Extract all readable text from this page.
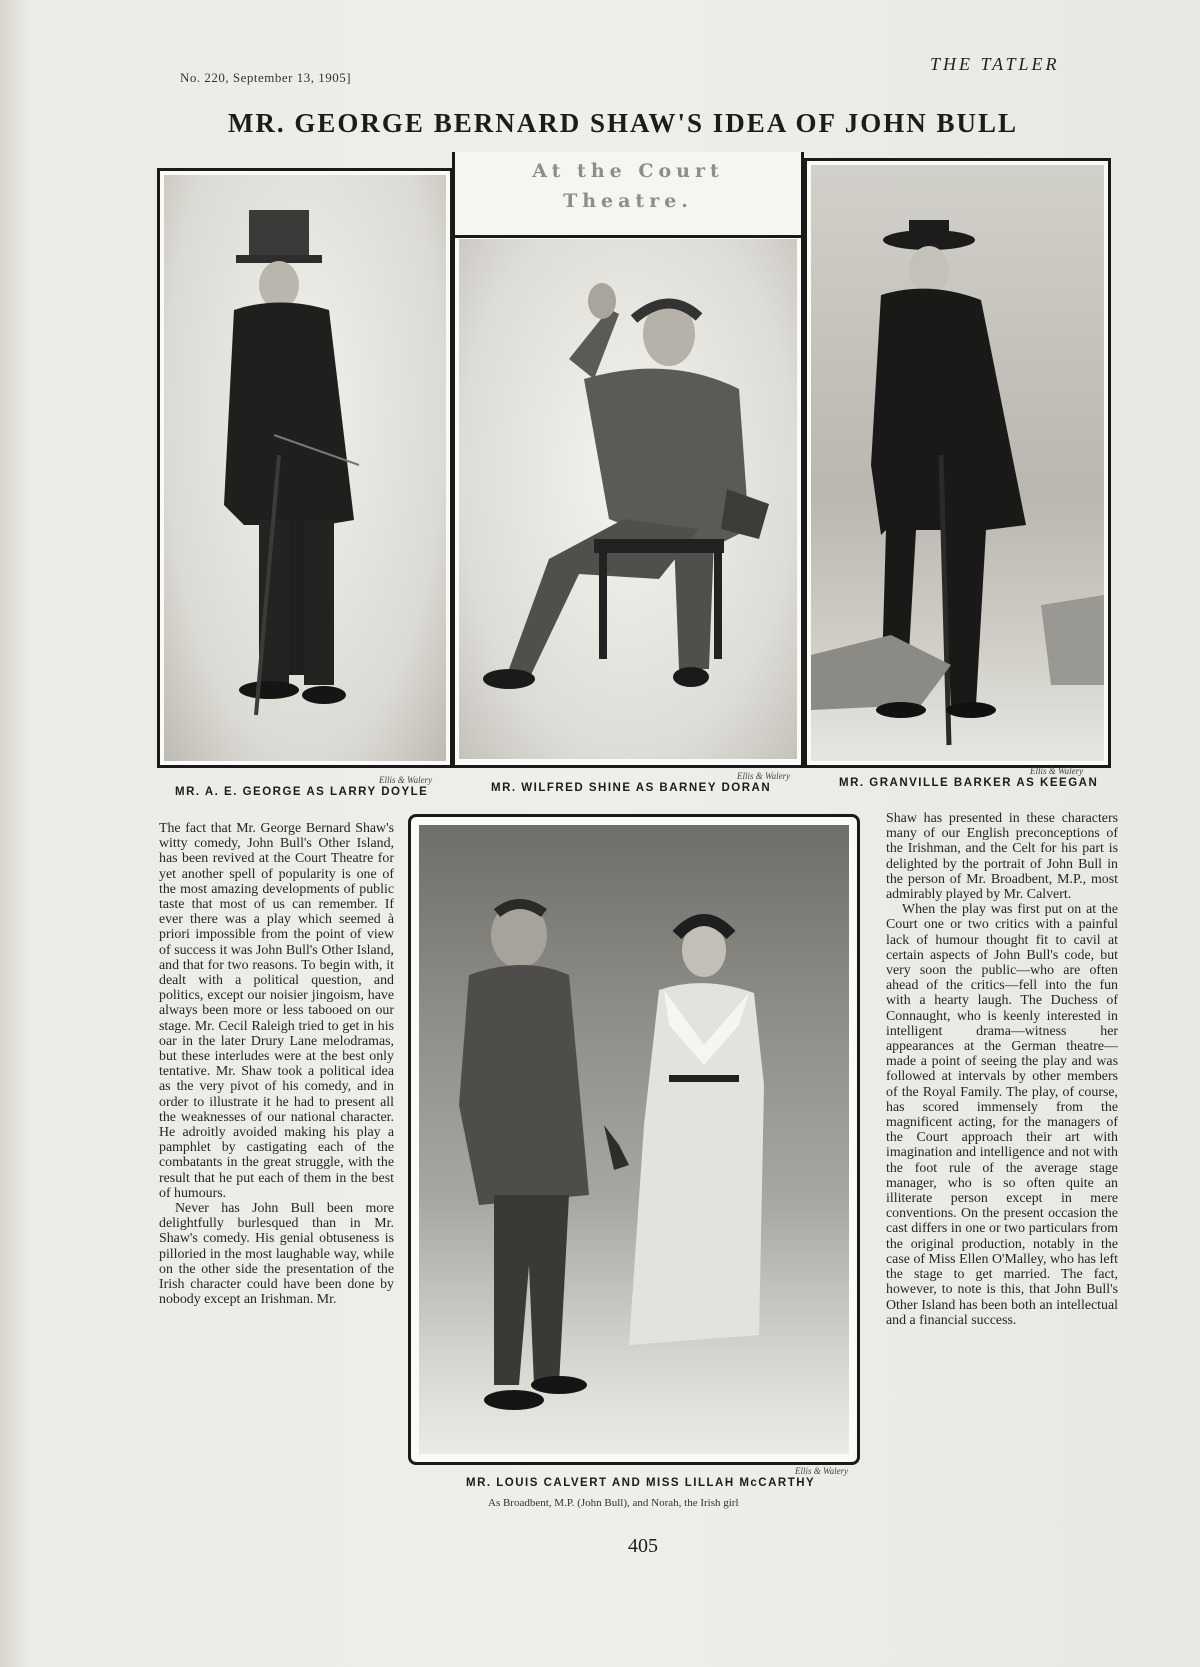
No. 220, September 13, 1905]
THE TATLER
MR. GEORGE BERNARD SHAW'S IDEA OF JOHN BULL
At the Court
Theatre.
Ellis & Walery
MR. A. E. GEORGE AS LARRY DOYLE
Ellis & Walery
MR. WILFRED SHINE AS BARNEY DORAN
Ellis & Walery
MR. GRANVILLE BARKER AS KEEGAN
Ellis & Walery
MR. LOUIS CALVERT AND MISS LILLAH McCARTHY
As Broadbent, M.P. (John Bull), and Norah, the Irish girl

The fact that Mr. George Bernard Shaw's witty comedy, John Bull's Other Island, has been revived at the Court Theatre for yet another spell of popularity is one of the most amazing developments of public taste that most of us can remember. If ever there was a play which seemed à priori impossible from the point of view of success it was John Bull's Other Island, and that for two reasons. To begin with, it dealt with a political question, and politics, except our noisier jingoism, have always been more or less tabooed on our stage. Mr. Cecil Raleigh tried to get in his oar in the later Drury Lane melodramas, but these interludes were at the best only tentative. Mr. Shaw took a political idea as the very pivot of his comedy, and in order to illustrate it he had to present all the weaknesses of our national character. He adroitly avoided making his play a pamphlet by castigating each of the combatants in the great struggle, with the result that he put each of them in the best of humours.

Never has John Bull been more delightfully burlesqued than in Mr. Shaw's comedy. His genial obtuseness is pilloried in the most laughable way, while on the other side the presentation of the Irish character could have been done by nobody except an Irishman. Mr.

Shaw has presented in these characters many of our English preconceptions of the Irishman, and the Celt for his part is delighted by the portrait of John Bull in the person of Mr. Broadbent, M.P., most admirably played by Mr. Calvert.

When the play was first put on at the Court one or two critics with a painful lack of humour thought fit to cavil at certain aspects of John Bull's code, but very soon the public—who are often ahead of the critics—fell into the fun with a hearty laugh. The Duchess of Connaught, who is keenly interested in intelligent drama—witness her appearances at the German theatre—made a point of seeing the play and was followed at intervals by other members of the Royal Family. The play, of course, has scored immensely from the magnificent acting, for the managers of the Court approach their art with imagination and intelligence and not with the foot rule of the average stage manager, who is so often quite an illiterate person except in mere conventions. On the present occasion the cast differs in one or two particulars from the original production, notably in the case of Miss Ellen O'Malley, who has left the stage to get married. The fact, however, to note is this, that John Bull's Other Island has been both an intellectual and a financial success.

405
